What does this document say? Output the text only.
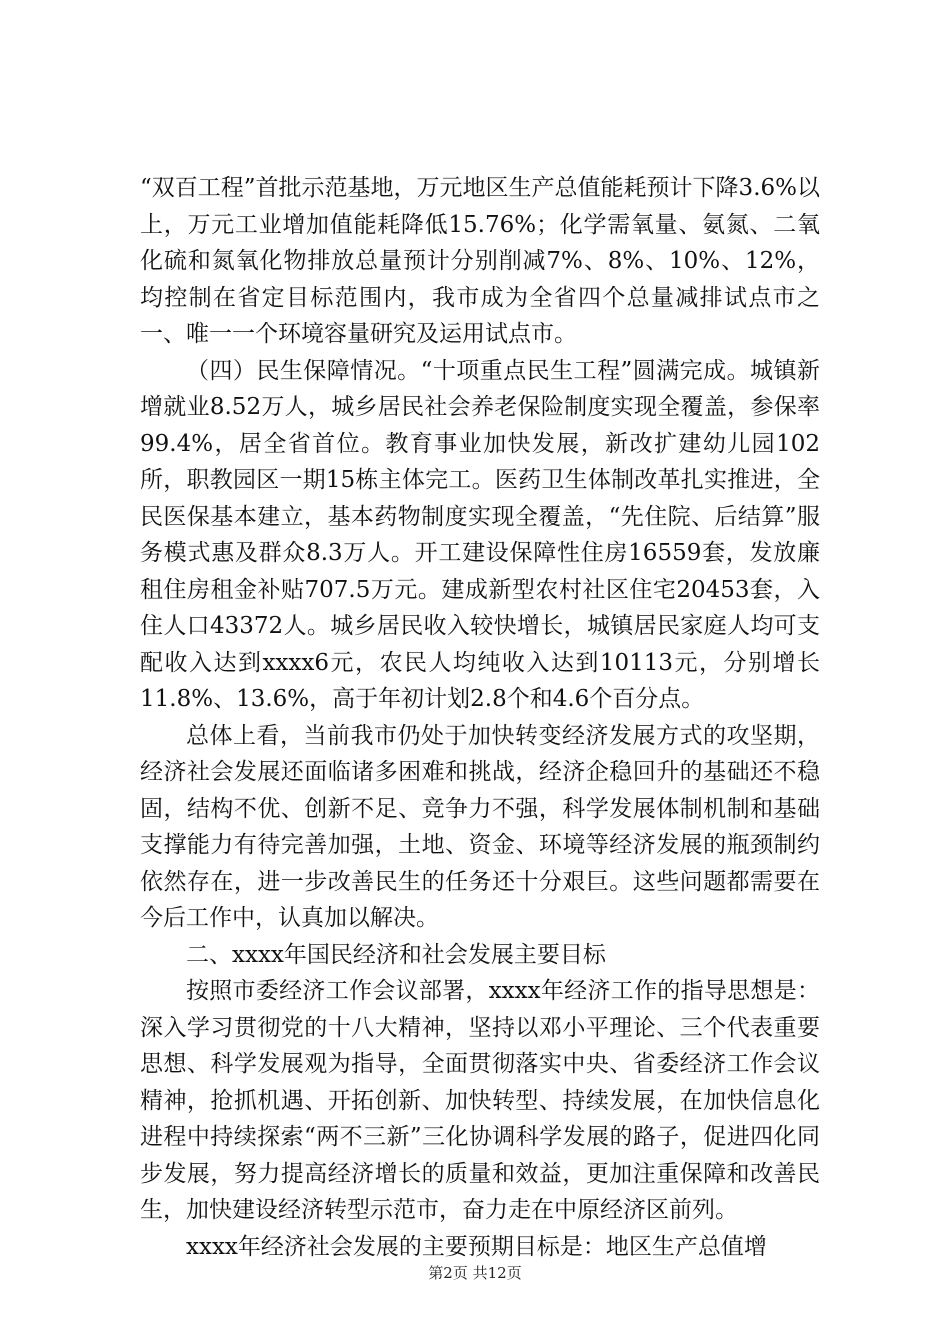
“双百工程”首批示范基地，万元地区生产总值能耗预计下降3.6%以上，万元工业增加值能耗降低15.76%；化学需氧量、氨氮、二氧化硫和氮氧化物排放总量预计分别削减7%、8%、10%、12%，均控制在省定目标范围内，我市成为全省四个总量减排试点市之一、唯一一个环境容量研究及运用试点市。

（四）民生保障情况。“十项重点民生工程”圆满完成。城镇新增就业8.52万人，城乡居民社会养老保险制度实现全覆盖，参保率99.4%，居全省首位。教育事业加快发展，新改扩建幼儿园102所，职教园区一期15栋主体完工。医药卫生体制改革扎实推进，全民医保基本建立，基本药物制度实现全覆盖，“先住院、后结算”服务模式惠及群众8.3万人。开工建设保障性住房16559套，发放廉租住房租金补贴707.5万元。建成新型农村社区住宅20453套，入住人口43372人。城乡居民收入较快增长，城镇居民家庭人均可支配收入达到xxxx6元，农民人均纯收入达到10113元，分别增长11.8%、13.6%，高于年初计划2.8个和4.6个百分点。

总体上看，当前我市仍处于加快转变经济发展方式的攻坚期，经济社会发展还面临诸多困难和挑战，经济企稳回升的基础还不稳固，结构不优、创新不足、竞争力不强，科学发展体制机制和基础支撑能力有待完善加强，土地、资金、环境等经济发展的瓶颈制约依然存在，进一步改善民生的任务还十分艰巨。这些问题都需要在今后工作中，认真加以解决。

二、xxxx年国民经济和社会发展主要目标

按照市委经济工作会议部署，xxxx年经济工作的指导思想是：深入学习贯彻党的十八大精神，坚持以邓小平理论、三个代表重要思想、科学发展观为指导，全面贯彻落实中央、省委经济工作会议精神，抢抓机遇、开拓创新、加快转型、持续发展，在加快信息化进程中持续探索“两不三新”三化协调科学发展的路子，促进四化同步发展，努力提高经济增长的质量和效益，更加注重保障和改善民生，加快建设经济转型示范市，奋力走在中原经济区前列。

xxxx年经济社会发展的主要预期目标是：地区生产总值增

第2页 共12页
